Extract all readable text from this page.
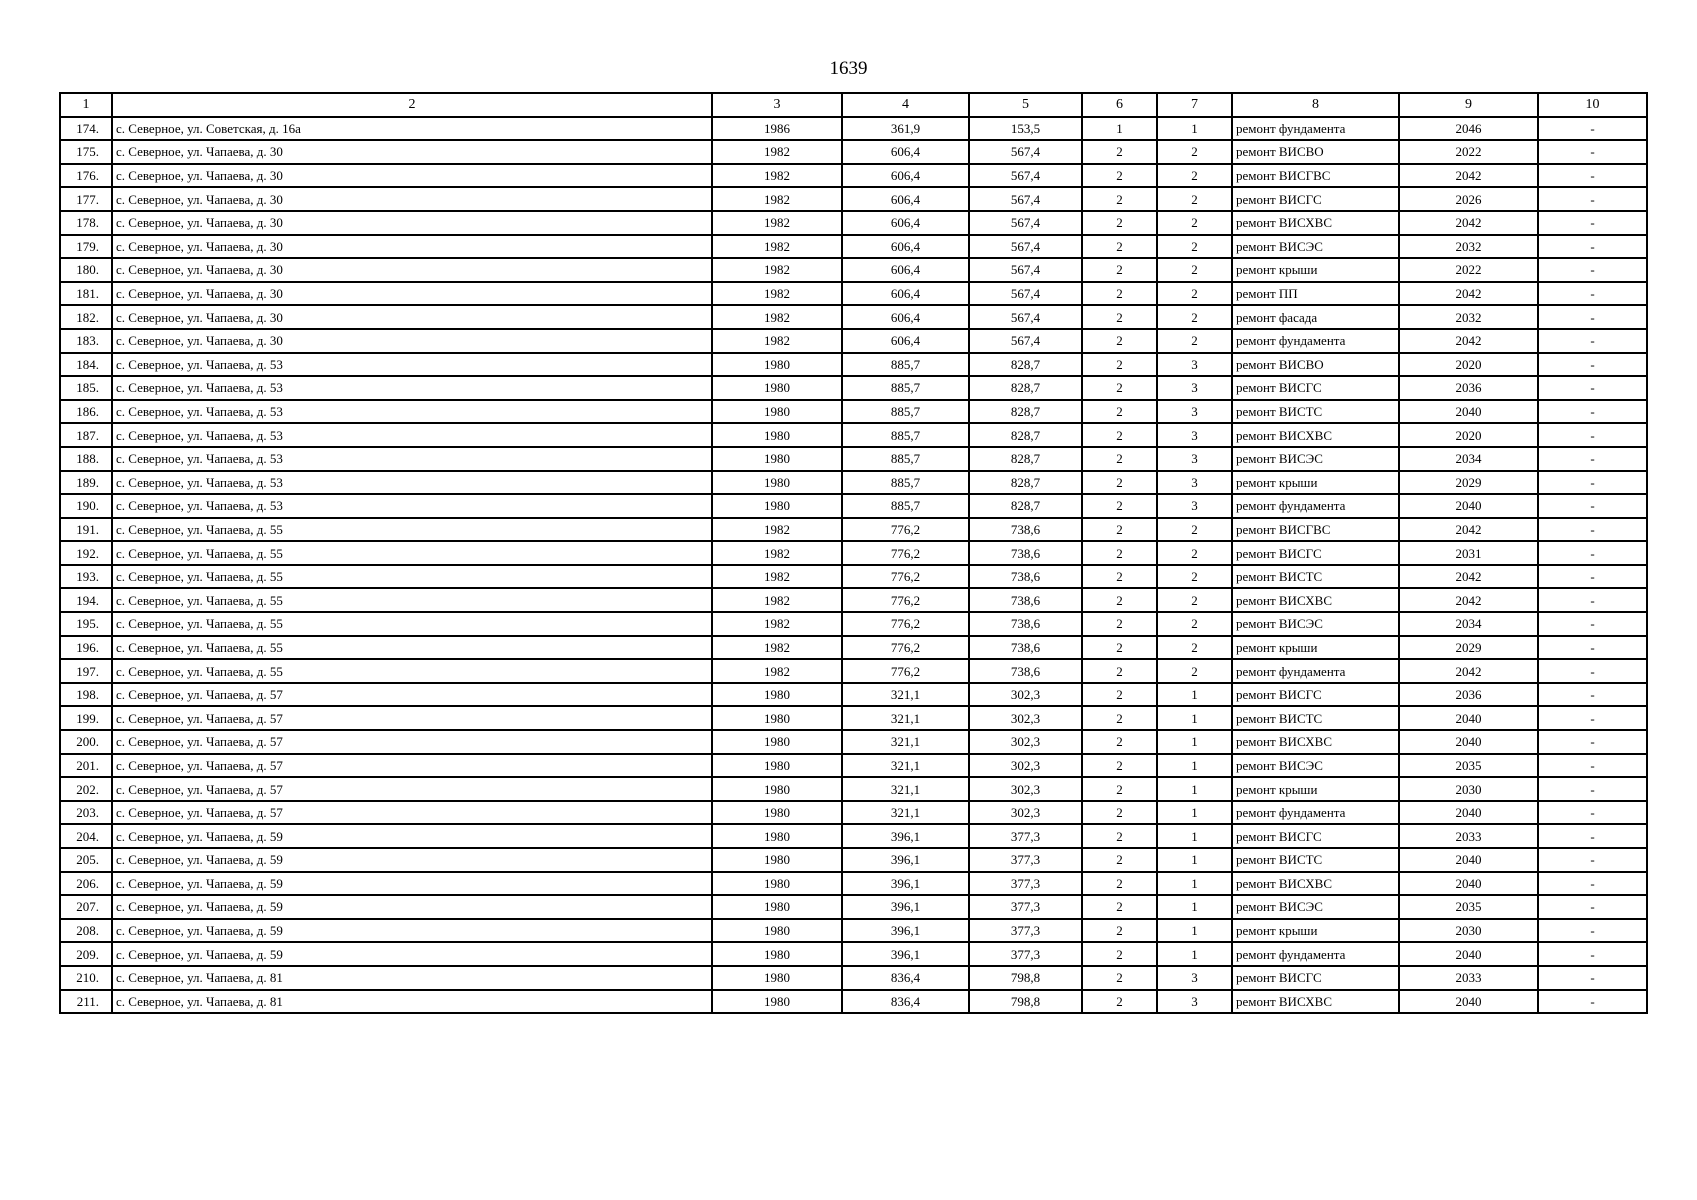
1639
1	2	3	4	5	6	7	8	9	10
174.	с. Северное, ул. Советская, д. 16а	1986	361,9	153,5	1	1	ремонт фундамента	2046	-
175.	с. Северное, ул. Чапаева, д. 30	1982	606,4	567,4	2	2	ремонт ВИСВО	2022	-
176.	с. Северное, ул. Чапаева, д. 30	1982	606,4	567,4	2	2	ремонт ВИСГВС	2042	-
177.	с. Северное, ул. Чапаева, д. 30	1982	606,4	567,4	2	2	ремонт ВИСГС	2026	-
178.	с. Северное, ул. Чапаева, д. 30	1982	606,4	567,4	2	2	ремонт ВИСХВС	2042	-
179.	с. Северное, ул. Чапаева, д. 30	1982	606,4	567,4	2	2	ремонт ВИСЭС	2032	-
180.	с. Северное, ул. Чапаева, д. 30	1982	606,4	567,4	2	2	ремонт крыши	2022	-
181.	с. Северное, ул. Чапаева, д. 30	1982	606,4	567,4	2	2	ремонт ПП	2042	-
182.	с. Северное, ул. Чапаева, д. 30	1982	606,4	567,4	2	2	ремонт фасада	2032	-
183.	с. Северное, ул. Чапаева, д. 30	1982	606,4	567,4	2	2	ремонт фундамента	2042	-
184.	с. Северное, ул. Чапаева, д. 53	1980	885,7	828,7	2	3	ремонт ВИСВО	2020	-
185.	с. Северное, ул. Чапаева, д. 53	1980	885,7	828,7	2	3	ремонт ВИСГС	2036	-
186.	с. Северное, ул. Чапаева, д. 53	1980	885,7	828,7	2	3	ремонт ВИСТС	2040	-
187.	с. Северное, ул. Чапаева, д. 53	1980	885,7	828,7	2	3	ремонт ВИСХВС	2020	-
188.	с. Северное, ул. Чапаева, д. 53	1980	885,7	828,7	2	3	ремонт ВИСЭС	2034	-
189.	с. Северное, ул. Чапаева, д. 53	1980	885,7	828,7	2	3	ремонт крыши	2029	-
190.	с. Северное, ул. Чапаева, д. 53	1980	885,7	828,7	2	3	ремонт фундамента	2040	-
191.	с. Северное, ул. Чапаева, д. 55	1982	776,2	738,6	2	2	ремонт ВИСГВС	2042	-
192.	с. Северное, ул. Чапаева, д. 55	1982	776,2	738,6	2	2	ремонт ВИСГС	2031	-
193.	с. Северное, ул. Чапаева, д. 55	1982	776,2	738,6	2	2	ремонт ВИСТС	2042	-
194.	с. Северное, ул. Чапаева, д. 55	1982	776,2	738,6	2	2	ремонт ВИСХВС	2042	-
195.	с. Северное, ул. Чапаева, д. 55	1982	776,2	738,6	2	2	ремонт ВИСЭС	2034	-
196.	с. Северное, ул. Чапаева, д. 55	1982	776,2	738,6	2	2	ремонт крыши	2029	-
197.	с. Северное, ул. Чапаева, д. 55	1982	776,2	738,6	2	2	ремонт фундамента	2042	-
198.	с. Северное, ул. Чапаева, д. 57	1980	321,1	302,3	2	1	ремонт ВИСГС	2036	-
199.	с. Северное, ул. Чапаева, д. 57	1980	321,1	302,3	2	1	ремонт ВИСТС	2040	-
200.	с. Северное, ул. Чапаева, д. 57	1980	321,1	302,3	2	1	ремонт ВИСХВС	2040	-
201.	с. Северное, ул. Чапаева, д. 57	1980	321,1	302,3	2	1	ремонт ВИСЭС	2035	-
202.	с. Северное, ул. Чапаева, д. 57	1980	321,1	302,3	2	1	ремонт крыши	2030	-
203.	с. Северное, ул. Чапаева, д. 57	1980	321,1	302,3	2	1	ремонт фундамента	2040	-
204.	с. Северное, ул. Чапаева, д. 59	1980	396,1	377,3	2	1	ремонт ВИСГС	2033	-
205.	с. Северное, ул. Чапаева, д. 59	1980	396,1	377,3	2	1	ремонт ВИСТС	2040	-
206.	с. Северное, ул. Чапаева, д. 59	1980	396,1	377,3	2	1	ремонт ВИСХВС	2040	-
207.	с. Северное, ул. Чапаева, д. 59	1980	396,1	377,3	2	1	ремонт ВИСЭС	2035	-
208.	с. Северное, ул. Чапаева, д. 59	1980	396,1	377,3	2	1	ремонт крыши	2030	-
209.	с. Северное, ул. Чапаева, д. 59	1980	396,1	377,3	2	1	ремонт фундамента	2040	-
210.	с. Северное, ул. Чапаева, д. 81	1980	836,4	798,8	2	3	ремонт ВИСГС	2033	-
211.	с. Северное, ул. Чапаева, д. 81	1980	836,4	798,8	2	3	ремонт ВИСХВС	2040	-
